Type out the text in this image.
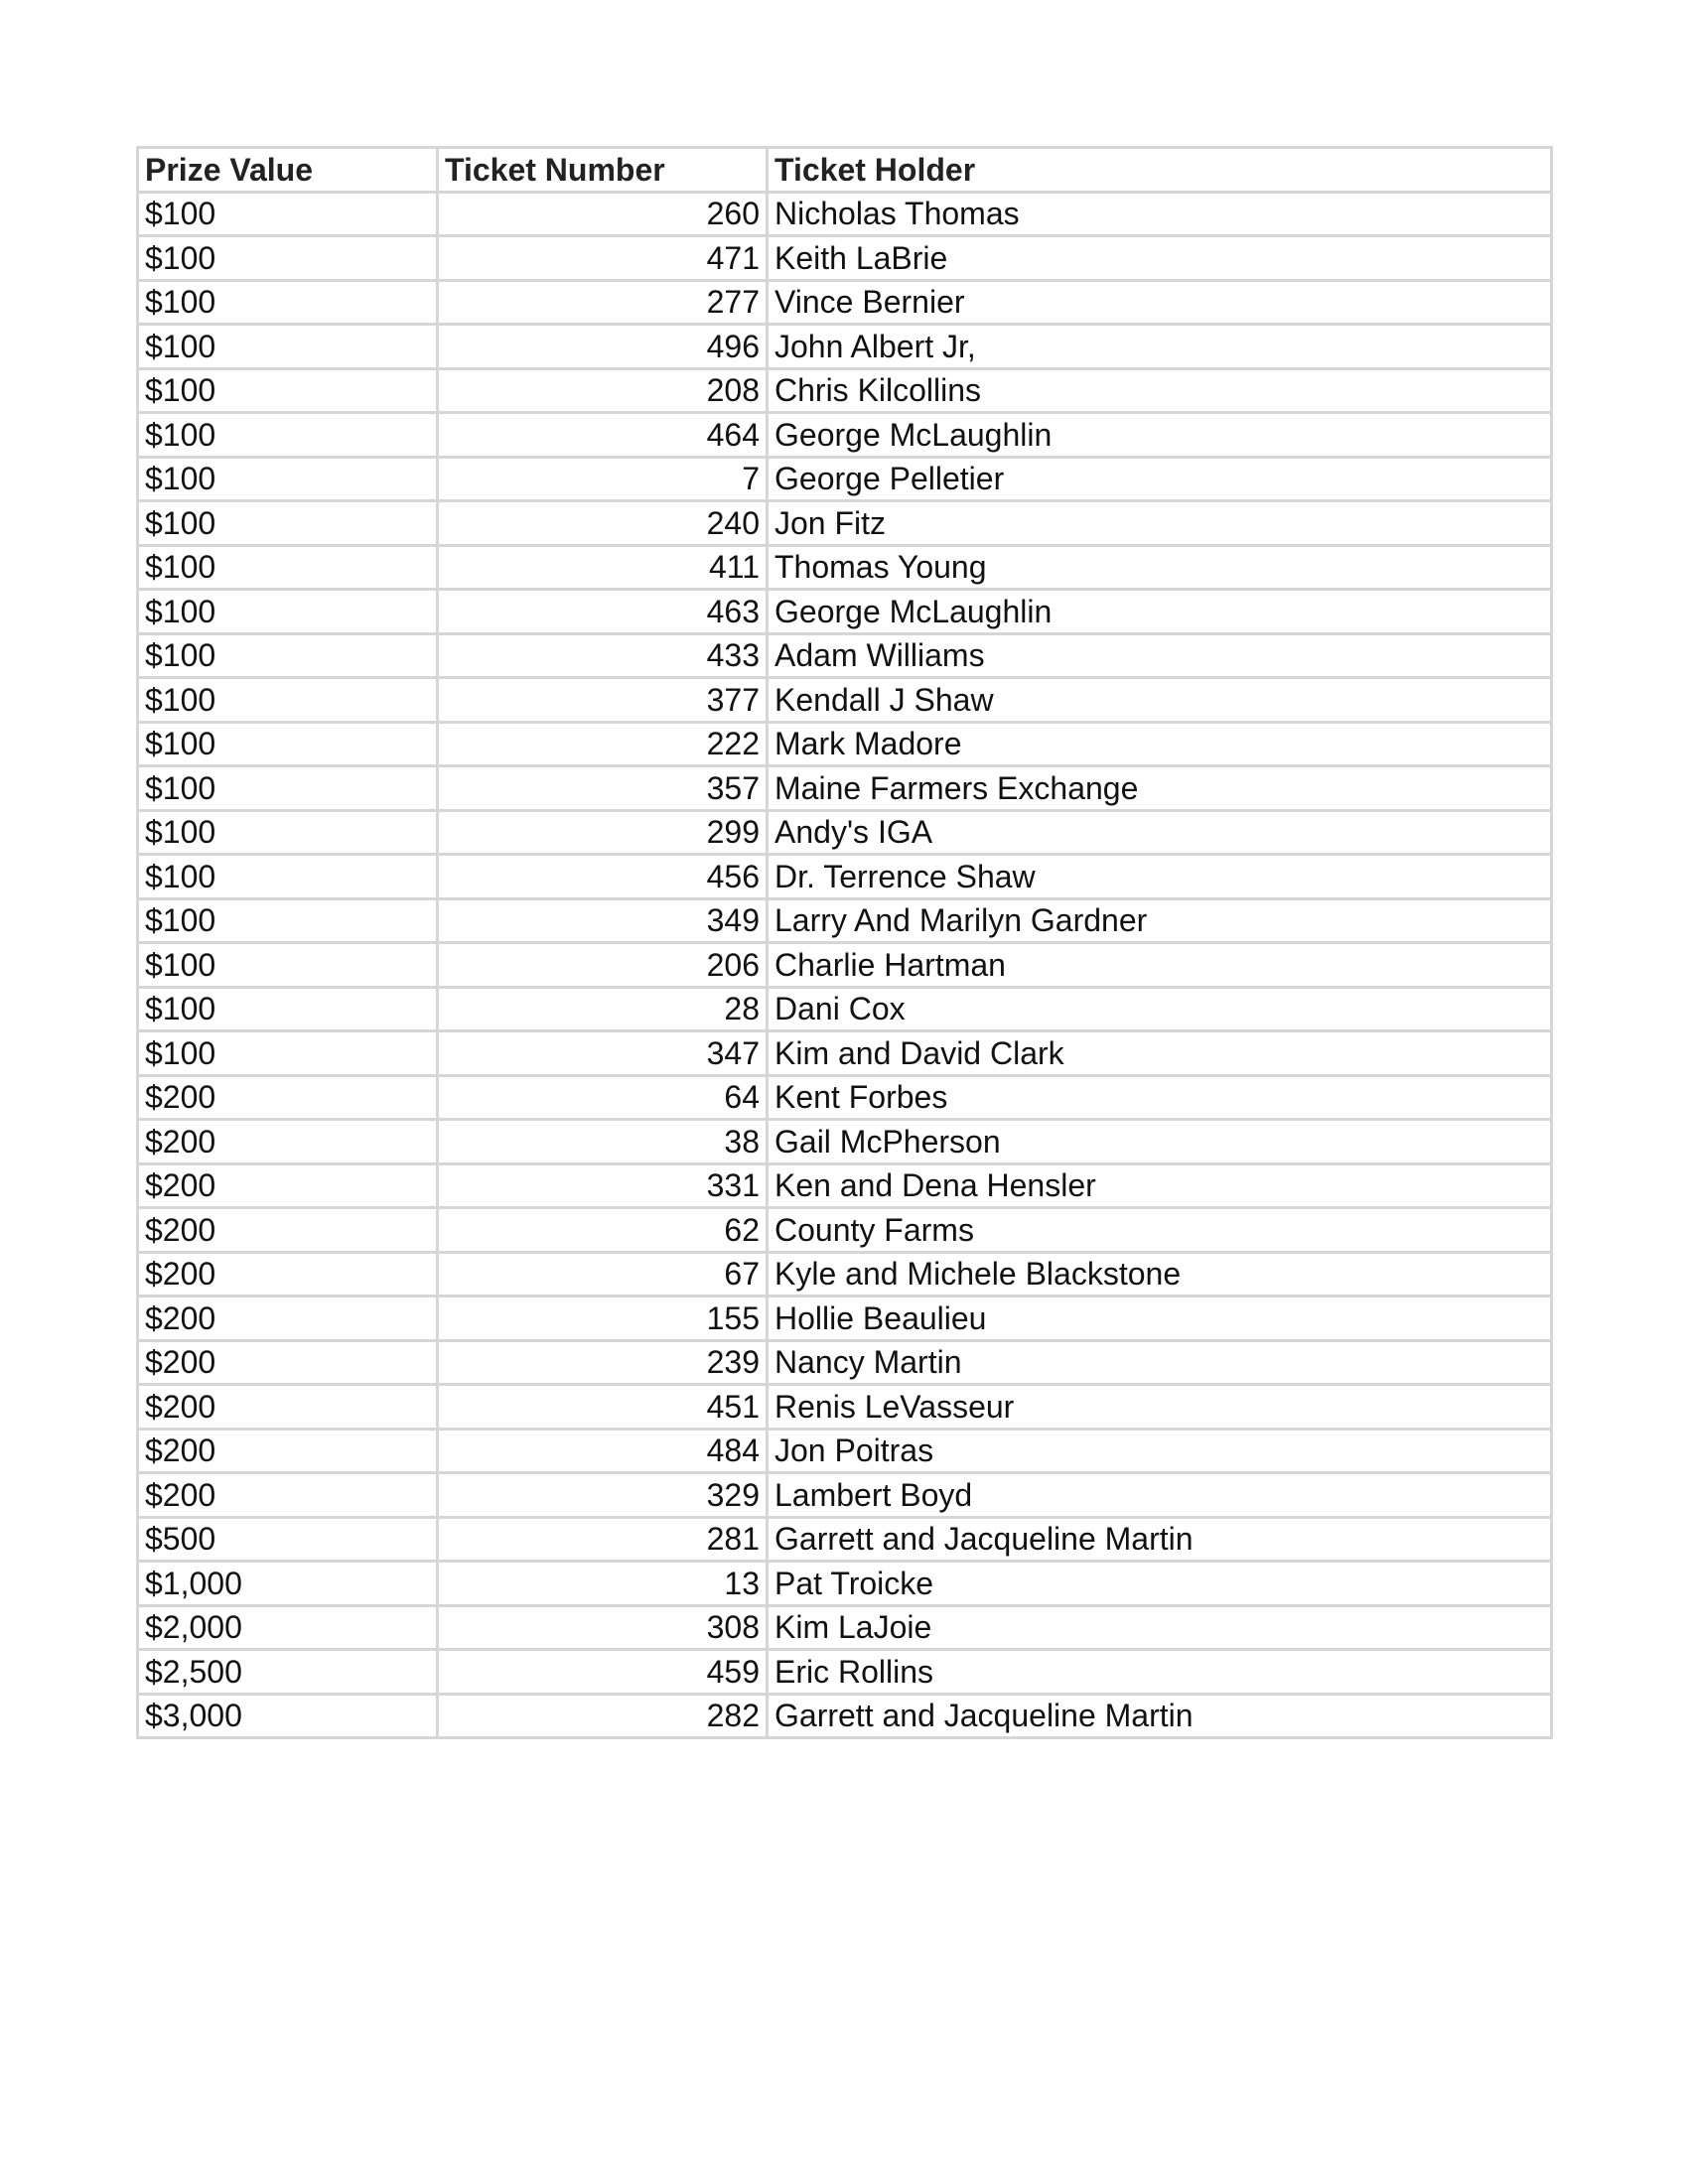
Prize Value	Ticket Number	Ticket Holder
$100	260	Nicholas Thomas
$100	471	Keith LaBrie
$100	277	Vince Bernier
$100	496	John Albert Jr,
$100	208	Chris Kilcollins
$100	464	George McLaughlin
$100	7	George Pelletier
$100	240	Jon Fitz
$100	411	Thomas Young
$100	463	George McLaughlin
$100	433	Adam Williams
$100	377	Kendall J Shaw
$100	222	Mark Madore
$100	357	Maine Farmers Exchange
$100	299	Andy's IGA
$100	456	Dr. Terrence Shaw
$100	349	Larry And Marilyn Gardner
$100	206	Charlie Hartman
$100	28	Dani Cox
$100	347	Kim and David Clark
$200	64	Kent Forbes
$200	38	Gail McPherson
$200	331	Ken and Dena Hensler
$200	62	County Farms
$200	67	Kyle and Michele Blackstone
$200	155	Hollie Beaulieu
$200	239	Nancy Martin
$200	451	Renis LeVasseur
$200	484	Jon Poitras
$200	329	Lambert Boyd
$500	281	Garrett and Jacqueline Martin
$1,000	13	Pat Troicke
$2,000	308	Kim LaJoie
$2,500	459	Eric Rollins
$3,000	282	Garrett and Jacqueline Martin
